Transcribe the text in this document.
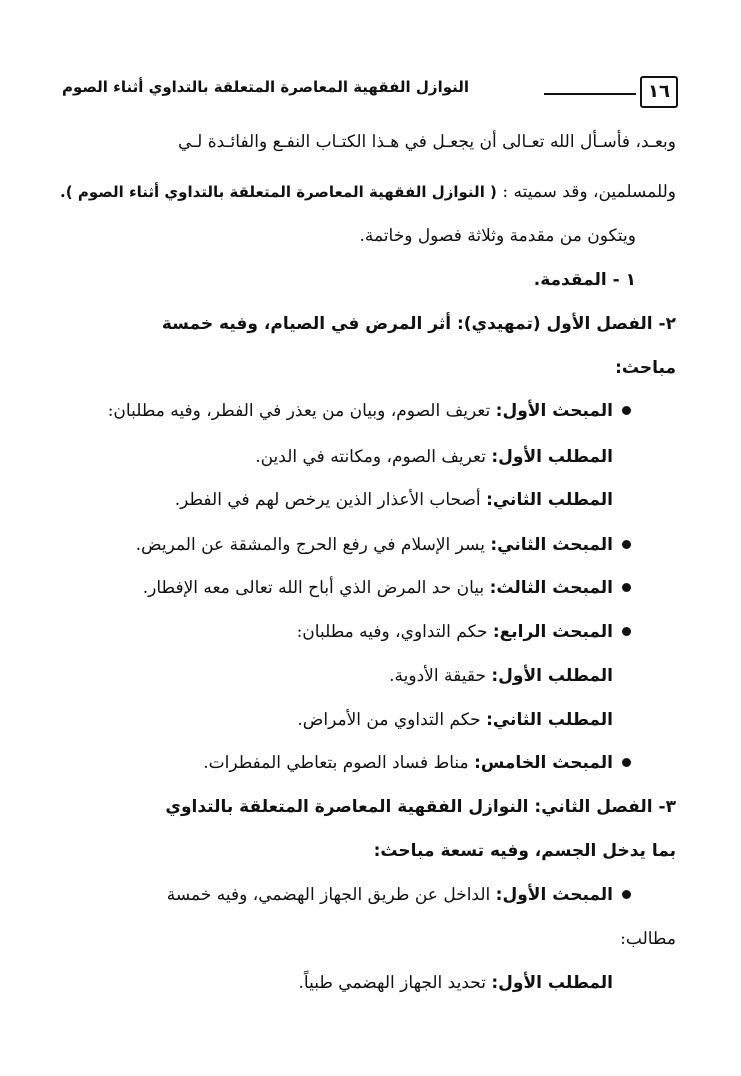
١٦
النوازل الفقهية المعاصرة المتعلقة بالتداوي أثناء الصوم
وبعـد، فأسـأل الله تعـالى أن يجعـل في هـذا الكتـاب النفـع والفائـدة لـي
وللمسلمين، وقد سميته : ( النوازل الفقهية المعاصرة المتعلقة بالتداوي أثناء الصوم ).
ويتكون من مقدمة وثلاثة فصول وخاتمة.
١ - المقدمة.
٢- الفصل الأول (تمهيدي): أثر المرض في الصيام، وفيه خمسة
مباحث:
المبحث الأول: تعريف الصوم، وبيان من يعذر في الفطر، وفيه مطلبان:
المطلب الأول: تعريف الصوم، ومكانته في الدين.
المطلب الثاني: أصحاب الأعذار الذين يرخص لهم في الفطر.
المبحث الثاني: يسر الإسلام في رفع الحرج والمشقة عن المريض.
المبحث الثالث: بيان حد المرض الذي أباح الله تعالى معه الإفطار.
المبحث الرابع: حكم التداوي، وفيه مطلبان:
المطلب الأول: حقيقة الأدوية.
المطلب الثاني: حكم التداوي من الأمراض.
المبحث الخامس: مناط فساد الصوم بتعاطي المفطرات.
٣- الفصل الثاني: النوازل الفقهية المعاصرة المتعلقة بالتداوي
بما يدخل الجسم، وفيه تسعة مباحث:
المبحث الأول: الداخل عن طريق الجهاز الهضمي، وفيه خمسة
مطالب:
المطلب الأول: تحديد الجهاز الهضمي طبياً.
